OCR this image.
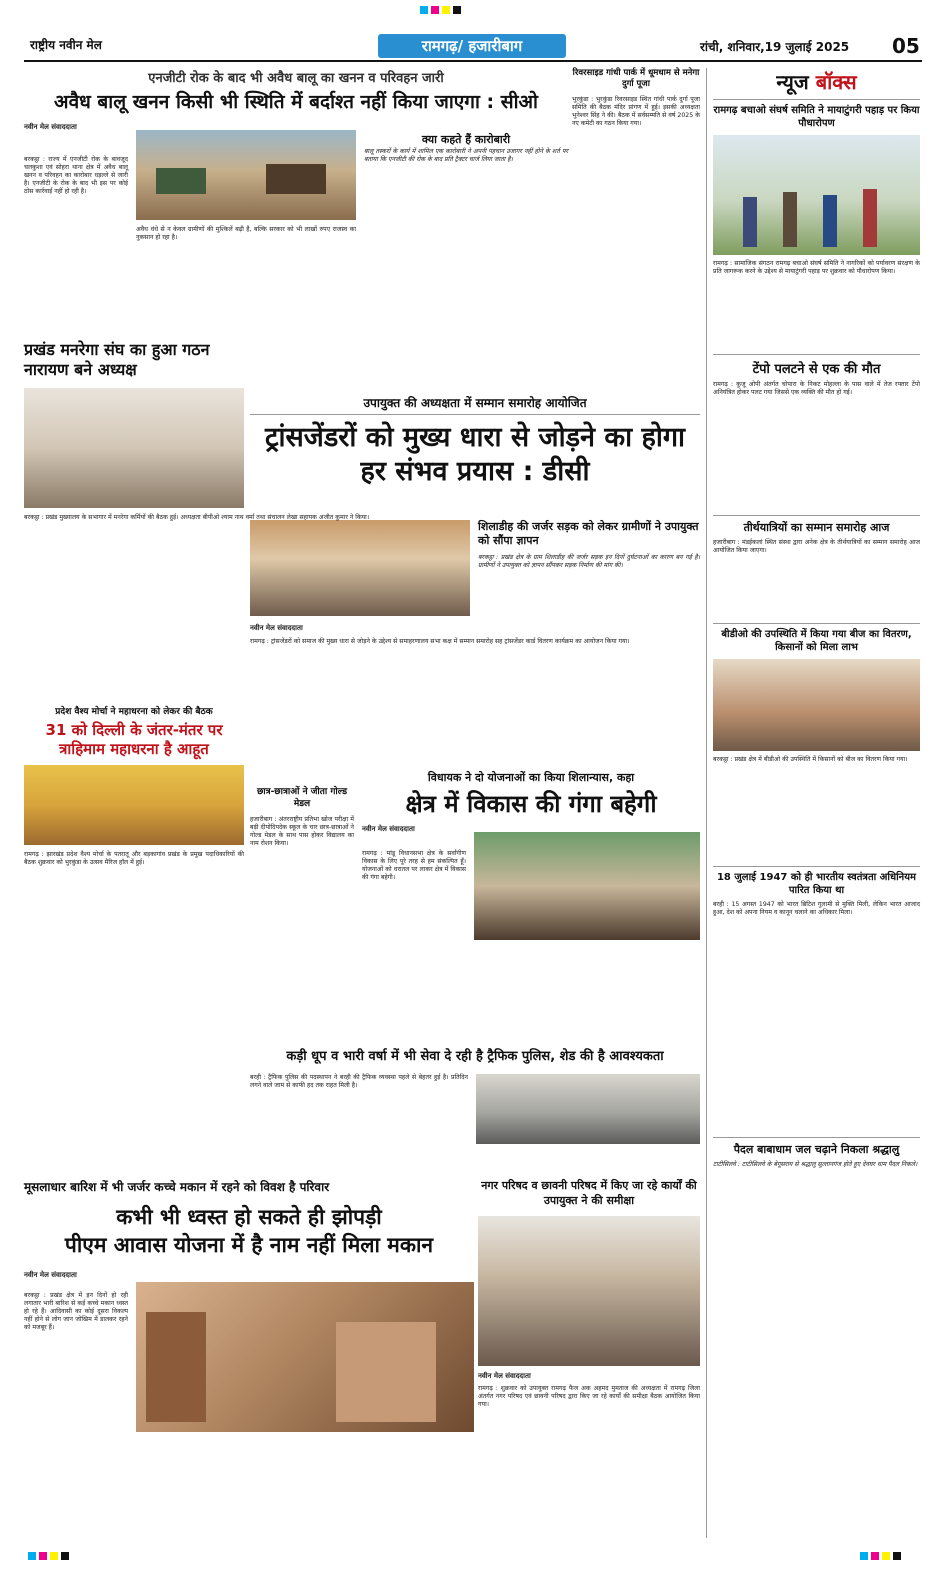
राष्ट्रीय नवीन मेल	रामगढ़/ हजारीबाग	रांची, शनिवार,19 जुलाई 2025 05
एनजीटी रोक के बाद भी अवैध बालू का खनन व परिवहन जारी
अवैध बालू खनन किसी भी स्थिति में बर्दाश्त नहीं किया जाएगा : सीओ
नवीन मेल संवाददाता
बरकट्ठा : राज्य में एनजीटी रोक के बावजूद चलकुशा एवं सोहरा थाना क्षेत्र में अवैध बालू खनन व परिवहन का कारोबार धड़ल्ले से जारी है। एनजीटी के रोक के बाद भी इस पर कोई ठोस कार्रवाई नहीं हो रही है।
अवैध धंधे से न केवल ग्रामीणों की मुश्किलें बढ़ी है, बल्कि सरकार को भी लाखों रुपए राजस्व का नुकसान हो रहा है।
क्या कहते हैं कारोबारी
बालू तस्करों के कार्य में शामिल एक कारोबारी ने अपनी पहचान उजागर नहीं होने के शर्त पर बताया कि एनजीटी की रोक के बाद प्रति ट्रैक्टर चार्ज लिया जाता है।
रिवरसाइड गांधी पार्क में धूमधाम से मनेगा दुर्गा पूजा
भुरकुंडा : भुरकुंडा रिवरसाइड स्थित गांधी पार्क दुर्गा पूजा समिति की बैठक मंदिर प्रांगण में हुई। इसकी अध्यक्षता भुनेश्वर सिंह ने की। बैठक में सर्वसम्मति से वर्ष 2025 के नए कमेटी का गठन किया गया।
न्यूज बॉक्स
रामगढ़ बचाओ संघर्ष समिति ने मायाटुंगरी पहाड़ पर किया पौधारोपण
रामगढ़ : सामाजिक संगठन रामगढ़ बचाओ संघर्ष समिति ने नागरिकों को पर्यावरण संरक्षण के प्रति जागरूक करने के उद्देश्य से मायाटुंगरी पहाड़ पर शुक्रवार को पौधारोपण किया।
टेंपो पलटने से एक की मौत
रामगढ़ : कुजू ओपी अंतर्गत चोपारा के निकट मोहल्ला के पास वाले में तेज रफ्तार टेंपो अनियंत्रित होकर पलट गया जिससे एक व्यक्ति की मौत हो गई।
तीर्थयात्रियों का सम्मान समारोह आज
हजारीबाग : मंडईकलां स्थित संस्था द्वारा अनेक क्षेत्र के तीर्थयात्रियों का सम्मान समारोह आज आयोजित किया जाएगा।
बीडीओ की उपस्थिति में किया गया बीज का वितरण, किसानों को मिला लाभ
बरकट्ठा : प्रखंड क्षेत्र में बीडीओ की उपस्थिति में किसानों को बीज का वितरण किया गया।
18 जुलाई 1947 को ही भारतीय स्वतंत्रता अधिनियम पारित किया था
बरही : 15 अगस्त 1947 को भारत ब्रिटिश गुलामी से मुक्ति मिली, लेकिन भारत आजाद हुआ, देश को अपना नियम व कानून चलाने का अधिकार मिला।
पैदल बाबाधाम जल चढ़ाने निकला श्रद्धालु
टाटीसिलवे : टाटीसिलवे के बेगूसराय से श्रद्धालु सुल्तानगंज होते हुए देवघर धाम पैदल निकले।
प्रखंड मनरेगा संघ का हुआ गठन नारायण बने अध्यक्ष
बरकट्ठा : प्रखंड मुख्यालय के सभागार में मनरेगा कर्मियों की बैठक हुई। अध्यक्षता बीपीओ श्याम नाथ वर्मा तथा संचालन लेखा सहायक अजीत कुमार ने किया।
उपायुक्त की अध्यक्षता में सम्मान समारोह आयोजित
ट्रांसजेंडरों को मुख्य धारा से जोड़ने का होगा हर संभव प्रयास : डीसी
शिलाडीह की जर्जर सड़क को लेकर ग्रामीणों ने उपायुक्त को सौंपा ज्ञापन
बरकट्ठा : प्रखंड क्षेत्र के ग्राम शिलाडीह की जर्जर सड़क इन दिनों दुर्घटनाओं का कारण बन गई है। ग्रामीणों ने उपायुक्त को ज्ञापन सौंपकर सड़क निर्माण की मांग की।
नवीन मेल संवाददाता
रामगढ़ : ट्रांसजेंडरों को समाज की मुख्य धारा से जोड़ने के उद्देश्य से समाहरणालय सभा कक्ष में सम्मान समारोह सह ट्रांसजेंडर कार्ड वितरण कार्यक्रम का आयोजन किया गया।
प्रदेश वैश्य मोर्चा ने महाधरना को लेकर की बैठक
31 को दिल्ली के जंतर-मंतर पर त्राहिमाम महाधरना है आहूत
रामगढ़ : झारखंड प्रदेश वैश्य मोर्चा के पतरातू और बड़कागांव प्रखंड के प्रमुख पदाधिकारियों की बैठक शुक्रवार को भुरकुंडा के उत्सव मैरिज हॉल में हुई।
छात्र-छात्राओं ने जीता गोल्ड मेडल
हजारीबाग : अंतरराष्ट्रीय प्रतिभा खोज परीक्षा में बड़ी दीपोदिपदेक स्कूल के चार छात्र-छात्राओं ने गोल्ड मेडल के साथ पास होकर विद्यालय का नाम रोशन किया।
विधायक ने दो योजनाओं का किया शिलान्यास, कहा
क्षेत्र में विकास की गंगा बहेगी
नवीन मेल संवाददाता
रामगढ़ : मांडू विधानसभा क्षेत्र के सर्वांगीण विकास के लिए पूरे तरह से हम संकल्पित हूँ। योजनाओं को धरातल पर लाकर क्षेत्र में विकास की गंगा बहेगी।
कड़ी धूप व भारी वर्षा में भी सेवा दे रही है ट्रैफिक पुलिस, शेड की है आवश्यकता
बरही : ट्रैफिक पुलिस की पदस्थापन ने बरही की ट्रैफिक व्यवस्था पहले से बेहतर हुई है। प्रतिदिन लगने वाले जाम से काफी हद तक राहत मिली है।
मूसलाधार बारिश में भी जर्जर कच्चे मकान में रहने को विवश है परिवार
कभी भी ध्वस्त हो सकते ही झोपड़ी
पीएम आवास योजना में है नाम नहीं मिला मकान
नवीन मेल संवाददाता
बरकट्ठा : प्रखंड क्षेत्र में इन दिनों हो रही लगातार भारी बारिश से कई कच्चे मकान ध्वस्त हो रहे हैं। आदिवासी का कोई दूसरा विकल्प नहीं होने से लोग जान जोखिम में डालकर रहने को मजबूर हैं।
नगर परिषद व छावनी परिषद में किए जा रहे कार्यों की उपायुक्त ने की समीक्षा
नवीन मेल संवाददाता
रामगढ़ : शुक्रवार को उपायुक्त रामगढ़ फैज अक अहमद मुमताज की अध्यक्षता में रामगढ़ जिला अंतर्गत नगर परिषद एवं छावनी परिषद द्वारा किए जा रहे कार्यों की समीक्षा बैठक आयोजित किया गया।
